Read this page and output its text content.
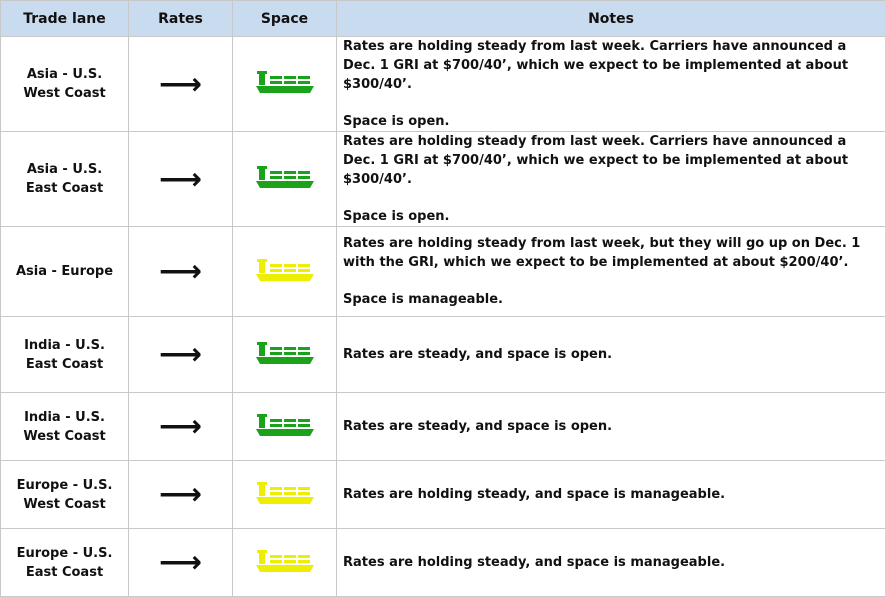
Trade lane	Rates	Space	Notes

Asia - U.S.
West Coast	⟶		Rates are holding steady from last week. Carriers have announced a Dec. 1 GRI at $700/40’, which we expect to be implemented at about $300/40’.
Space is open.

Asia - U.S.
East Coast	⟶		Rates are holding steady from last week. Carriers have announced a Dec. 1 GRI at $700/40’, which we expect to be implemented at about $300/40’.
Space is open.

Asia - Europe	⟶		Rates are holding steady from last week, but they will go up on Dec. 1 with the GRI, which we expect to be implemented at about $200/40’.
Space is manageable.

India - U.S.
East Coast	⟶		Rates are steady, and space is open.

India - U.S.
West Coast	⟶		Rates are steady, and space is open.

Europe - U.S.
West Coast	⟶		Rates are holding steady, and space is manageable.

Europe - U.S.
East Coast	⟶		Rates are holding steady, and space is manageable.
